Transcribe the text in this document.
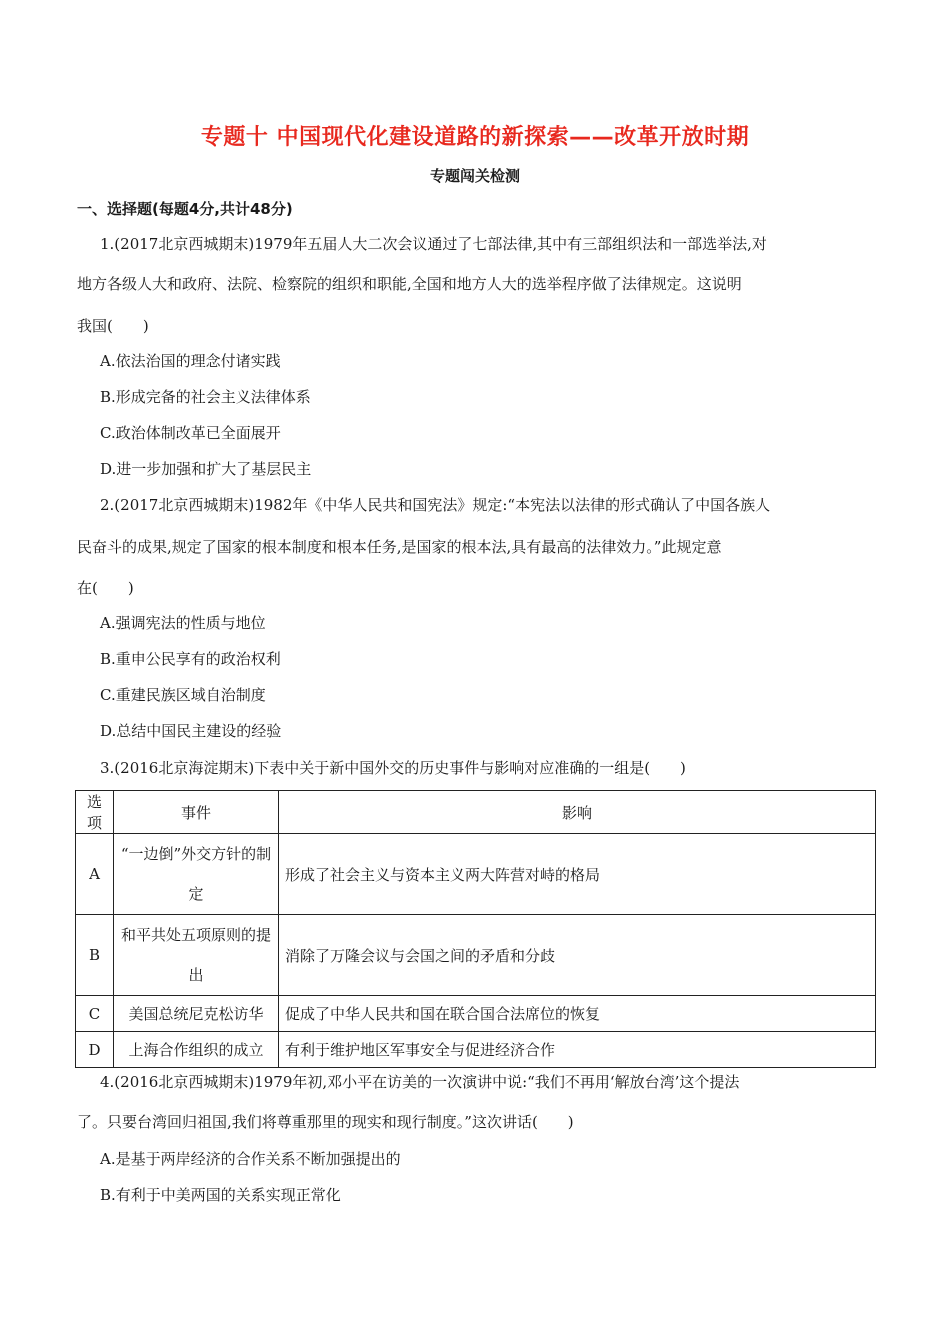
专题十 中国现代化建设道路的新探索——改革开放时期
专题闯关检测
一、选择题(每题4分,共计48分)
1.(2017北京西城期末)1979年五届人大二次会议通过了七部法律,其中有三部组织法和一部选举法,对
地方各级人大和政府、法院、检察院的组织和职能,全国和地方人大的选举程序做了法律规定。这说明
我国(　　)
A.依法治国的理念付诸实践
B.形成完备的社会主义法律体系
C.政治体制改革已全面展开
D.进一步加强和扩大了基层民主
2.(2017北京西城期末)1982年《中华人民共和国宪法》规定:“本宪法以法律的形式确认了中国各族人
民奋斗的成果,规定了国家的根本制度和根本任务,是国家的根本法,具有最高的法律效力。”此规定意
在(　　)
A.强调宪法的性质与地位
B.重申公民享有的政治权利
C.重建民族区域自治制度
D.总结中国民主建设的经验
3.(2016北京海淀期末)下表中关于新中国外交的历史事件与影响对应准确的一组是(　　)
选项	事件	影响
A	“一边倒”外交方针的制定	形成了社会主义与资本主义两大阵营对峙的格局
B	和平共处五项原则的提出	消除了万隆会议与会国之间的矛盾和分歧
C	美国总统尼克松访华	促成了中华人民共和国在联合国合法席位的恢复
D	上海合作组织的成立	有利于维护地区军事安全与促进经济合作
4.(2016北京西城期末)1979年初,邓小平在访美的一次演讲中说:“我们不再用‘解放台湾’这个提法
了。只要台湾回归祖国,我们将尊重那里的现实和现行制度。”这次讲话(　　)
A.是基于两岸经济的合作关系不断加强提出的
B.有利于中美两国的关系实现正常化
